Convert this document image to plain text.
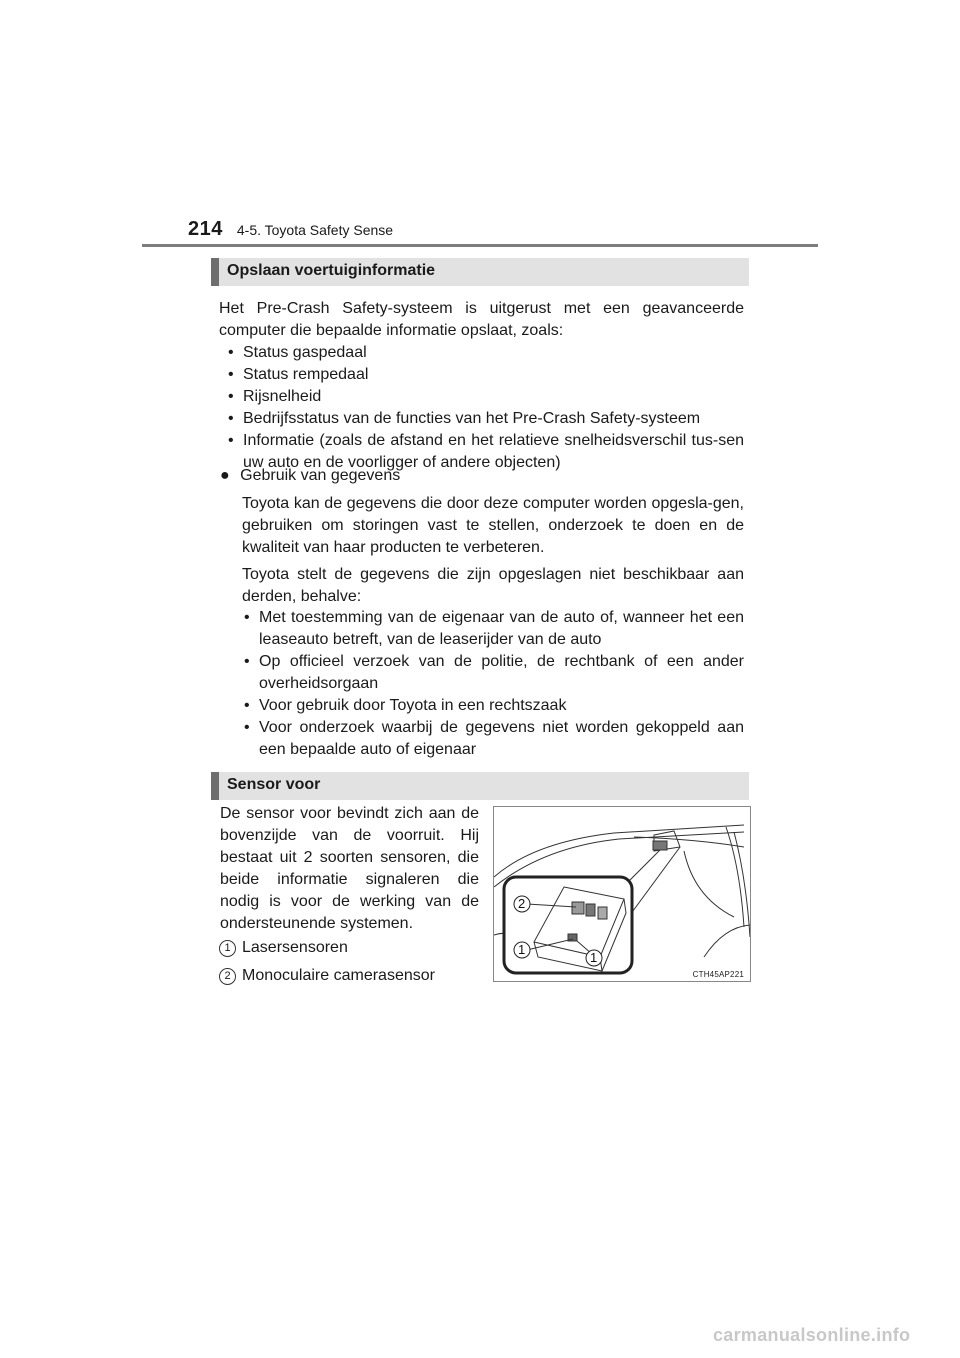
214 4-5. Toyota Safety Sense
Opslaan voertuiginformatie
Het Pre-Crash Safety-systeem is uitgerust met een geavanceerde computer die bepaalde informatie opslaat, zoals:
• Status gaspedaal
• Status rempedaal
• Rijsnelheid
• Bedrijfsstatus van de functies van het Pre-Crash Safety-systeem
• Informatie (zoals de afstand en het relatieve snelheidsverschil tus-sen uw auto en de voorligger of andere objecten)
● Gebruik van gegevens
Toyota kan de gegevens die door deze computer worden opgesla-gen, gebruiken om storingen vast te stellen, onderzoek te doen en de kwaliteit van haar producten te verbeteren.
Toyota stelt de gegevens die zijn opgeslagen niet beschikbaar aan derden, behalve:
• Met toestemming van de eigenaar van de auto of, wanneer het een leaseauto betreft, van de leaserijder van de auto
• Op officieel verzoek van de politie, de rechtbank of een ander overheidsorgaan
• Voor gebruik door Toyota in een rechtszaak
• Voor onderzoek waarbij de gegevens niet worden gekoppeld aan een bepaalde auto of eigenaar
Sensor voor
De sensor voor bevindt zich aan de bovenzijde van de voorruit. Hij bestaat uit 2 soorten sensoren, die beide informatie signaleren die nodig is voor de werking van de ondersteunende systemen.
1 Lasersensoren
2 Monoculaire camerasensor
2
1
1
CTH45AP221
carmanualsonline.info
